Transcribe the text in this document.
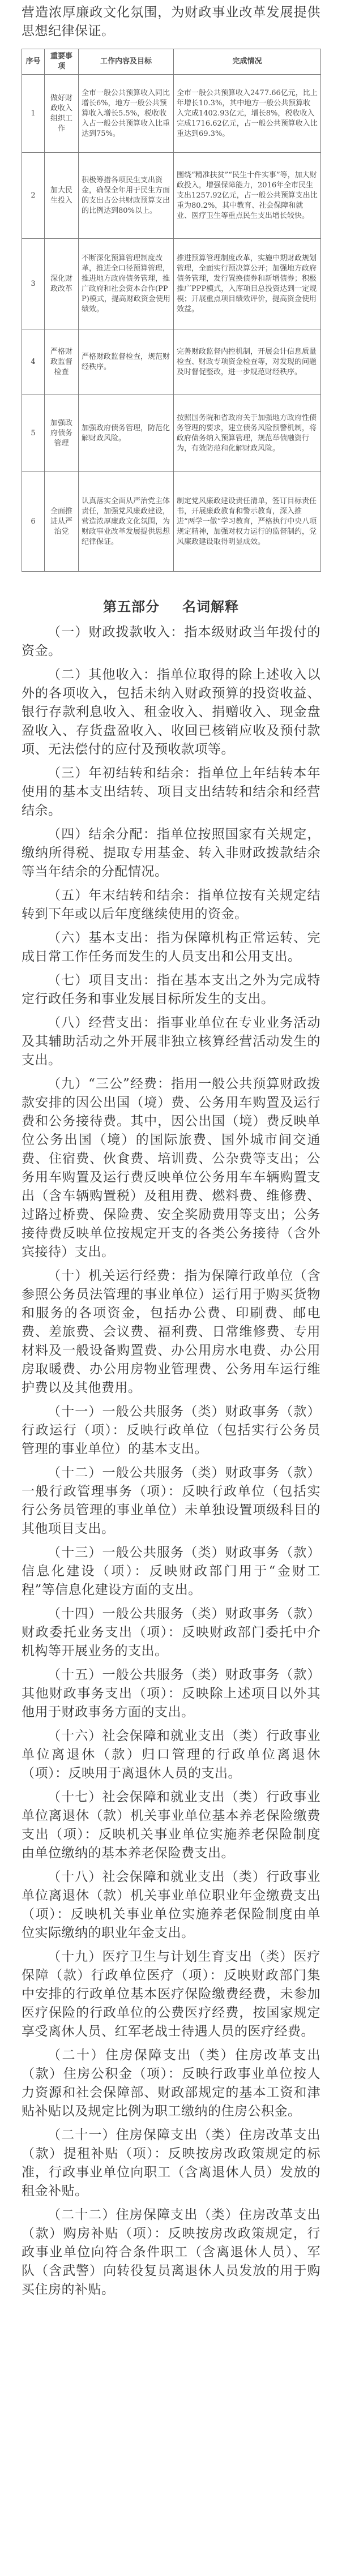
营造浓厚廉政文化氛围，为财政事业改革发展提供思想纪律保证。

序号	重要事项	工作内容及目标	完成情况
1	做好财政收入组织工作	全市一般公共预算收入同比增长6%，地方一般公共预算收入增长5.5%，税收收入占一般公共预算收入比重达到75%。	全市一般公共预算收入2477.66亿元，比上年增长10.3%，其中地方一般公共预算收入完成1402.93亿元，增长8%，税收收入完成1716.62亿元，占一般公共预算收入比重达到69.3%。
2	加大民生投入	积极筹措各项民生支出资金，确保全年用于民生方面的支出占公共财政预算支出的比例达到80%以上。	围绕“精准扶贫”“民生十件实事”等，加大财政投入，增强保障能力，2016年全市民生支出1257.92亿元，占一般公共预算支出比重为80.2%，其中教育、社会保障和就业、医疗卫生等重点民生支出增长较快。
3	深化财政改革	不断深化预算管理制度改革，推进全口径预算管理，推进地方政府债务管理，推广政府和社会资本合作(PPP)模式，提高财政资金使用绩效。	推进预算管理制度改革，实施中期财政规划管理，全面实行预决算公开；加强地方政府债务管理，发行置换债券和新增债券；积极推广PPP模式，入库项目总投资达到一定规模；开展重点项目绩效评价，提高资金使用效益。
4	严格财政监督检查	严格财政监督检查，规范财经秩序。	完善财政监督内控机制，开展会计信息质量检查、财政专项资金检查等，对发现的问题及时督促整改，进一步规范财经秩序。
5	加强政府债务管理	加强政府债务管理，防范化解财政风险。	按照国务院和省政府关于加强地方政府性债务管理的要求，建立债务风险预警机制，将政府债务纳入预算管理，规范举债融资行为，有效防范和化解财政风险。
6	全面推进从严治党	认真落实全面从严治党主体责任，加强党风廉政建设，营造浓厚廉政文化氛围，为财政事业改革发展提供思想纪律保证。	制定党风廉政建设责任清单，签订目标责任书，开展廉政教育和警示教育，深入推进“两学一做”学习教育，严格执行中央八项规定精神，加强对权力运行的监督制约，党风廉政建设取得明显成效。
第五部分 名词解释

（一）财政拨款收入：指本级财政当年拨付的资金。

（二）其他收入：指单位取得的除上述收入以外的各项收入，包括未纳入财政预算的投资收益、银行存款利息收入、租金收入、捐赠收入、现金盘盈收入、存货盘盈收入、收回已核销应收及预付款项、无法偿付的应付及预收款项等。

（三）年初结转和结余：指单位上年结转本年使用的基本支出结转、项目支出结转和结余和经营结余。

（四）结余分配：指单位按照国家有关规定，缴纳所得税、提取专用基金、转入非财政拨款结余等当年结余的分配情况。

（五）年末结转和结余：指单位按有关规定结转到下年或以后年度继续使用的资金。

（六）基本支出：指为保障机构正常运转、完成日常工作任务而发生的人员支出和公用支出。

（七）项目支出：指在基本支出之外为完成特定行政任务和事业发展目标所发生的支出。

（八）经营支出：指事业单位在专业业务活动及其辅助活动之外开展非独立核算经营活动发生的支出。

（九）“三公”经费：指用一般公共预算财政拨款安排的因公出国（境）费、公务用车购置及运行费和公务接待费。其中，因公出国（境）费反映单位公务出国（境）的国际旅费、国外城市间交通费、住宿费、伙食费、培训费、公杂费等支出；公务用车购置及运行费反映单位公务用车车辆购置支出（含车辆购置税）及租用费、燃料费、维修费、过路过桥费、保险费、安全奖励费用等支出；公务接待费反映单位按规定开支的各类公务接待（含外宾接待）支出。

（十）机关运行经费：指为保障行政单位（含参照公务员法管理的事业单位）运行用于购买货物和服务的各项资金，包括办公费、印刷费、邮电费、差旅费、会议费、福利费、日常维修费、专用材料及一般设备购置费、办公用房水电费、办公用房取暖费、办公用房物业管理费、公务用车运行维护费以及其他费用。

（十一）一般公共服务（类）财政事务（款）行政运行（项）：反映行政单位（包括实行公务员管理的事业单位）的基本支出。

（十二）一般公共服务（类）财政事务（款）一般行政管理事务（项）：反映行政单位（包括实行公务员管理的事业单位）未单独设置项级科目的其他项目支出。

（十三）一般公共服务（类）财政事务（款）信息化建设（项）：反映财政部门用于“金财工程”等信息化建设方面的支出。

（十四）一般公共服务（类）财政事务（款）财政委托业务支出（项）：反映财政部门委托中介机构等开展业务的支出。

（十五）一般公共服务（类）财政事务（款）其他财政事务支出（项）：反映除上述项目以外其他用于财政事务方面的支出。

（十六）社会保障和就业支出（类）行政事业单位离退休（款）归口管理的行政单位离退休（项）：反映用于离退休人员的支出。

（十七）社会保障和就业支出（类）行政事业单位离退休（款）机关事业单位基本养老保险缴费支出（项）：反映机关事业单位实施养老保险制度由单位缴纳的基本养老保险费支出。

（十八）社会保障和就业支出（类）行政事业单位离退休（款）机关事业单位职业年金缴费支出（项）：反映机关事业单位实施养老保险制度由单位实际缴纳的职业年金支出。

（十九）医疗卫生与计划生育支出（类）医疗保障（款）行政单位医疗（项）：反映财政部门集中安排的行政单位基本医疗保险缴费经费，未参加医疗保险的行政单位的公费医疗经费，按国家规定享受离休人员、红军老战士待遇人员的医疗经费。

（二十）住房保障支出（类）住房改革支出（款）住房公积金（项）：反映行政事业单位按人力资源和社会保障部、财政部规定的基本工资和津贴补贴以及规定比例为职工缴纳的住房公积金。

（二十一）住房保障支出（类）住房改革支出（款）提租补贴（项）：反映按房改政策规定的标准，行政事业单位向职工（含离退休人员）发放的租金补贴。

（二十二）住房保障支出（类）住房改革支出（款）购房补贴（项）：反映按房改政策规定，行政事业单位向符合条件职工（含离退休人员）、军队（含武警）向转役复员离退休人员发放的用于购买住房的补贴。
